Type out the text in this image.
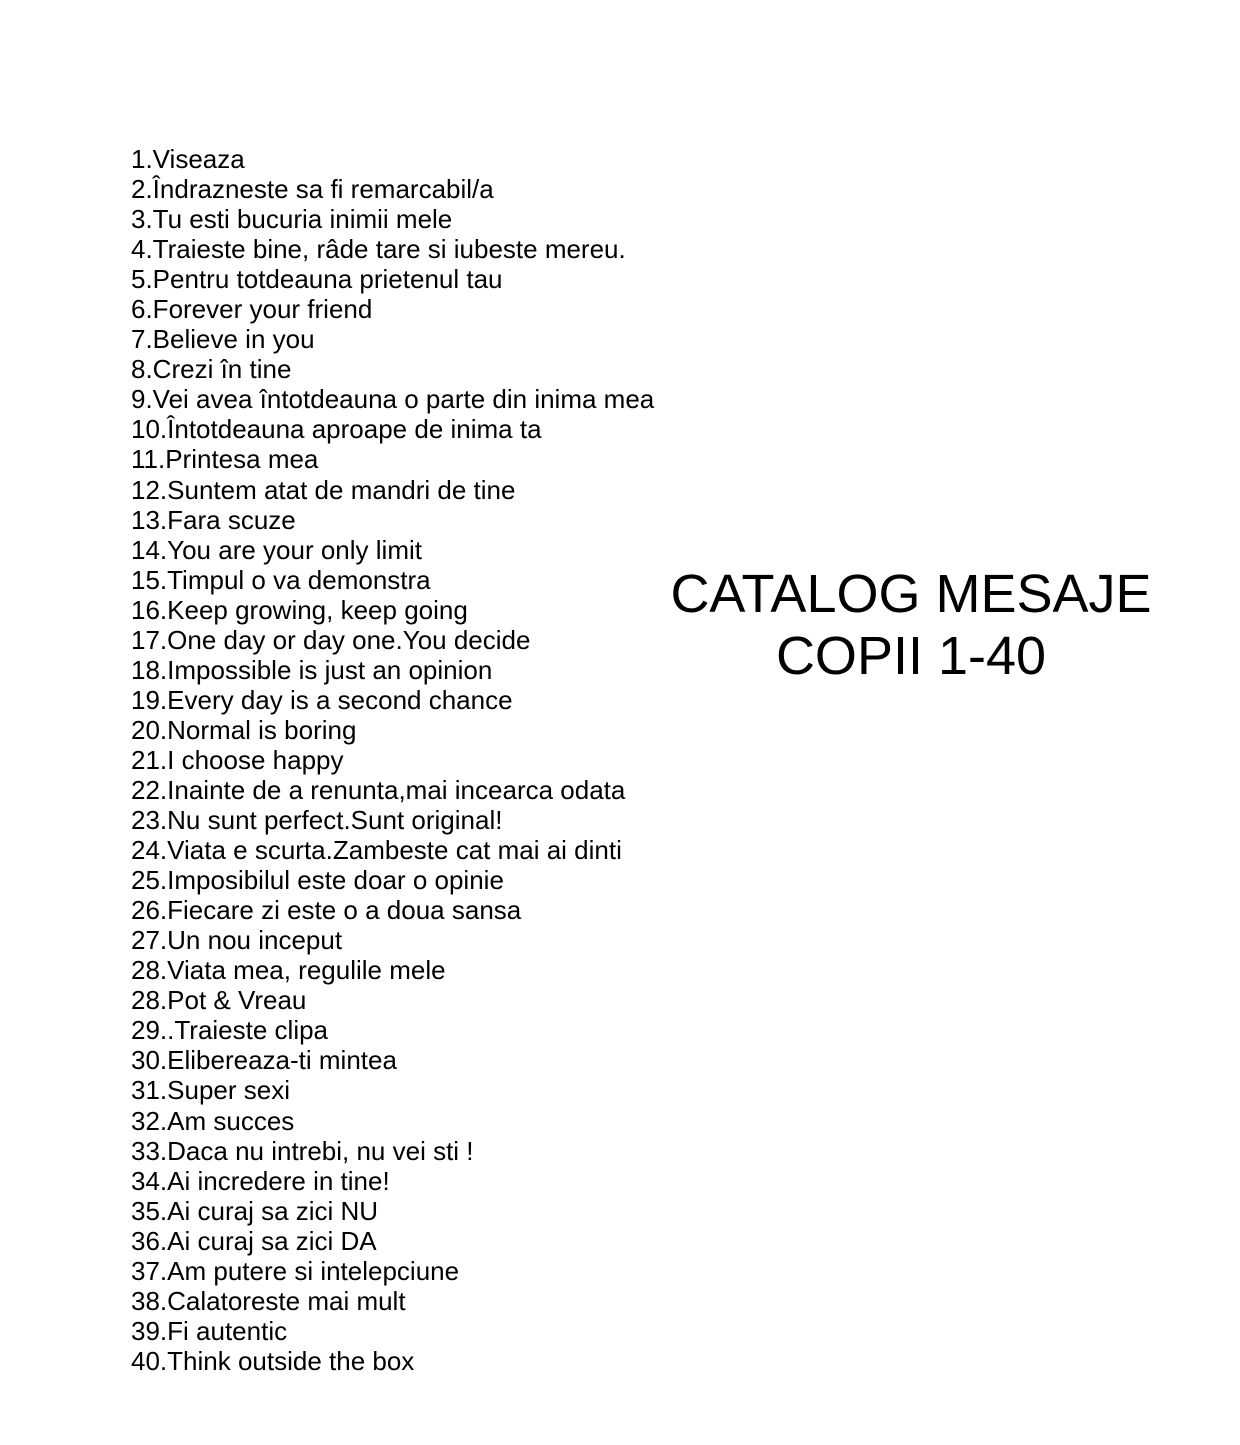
1.Viseaza
2.Îndrazneste sa fi remarcabil/a
3.Tu esti bucuria inimii mele
4.Traieste bine, râde tare si iubeste mereu.
5.Pentru totdeauna prietenul tau
6.Forever your friend
7.Believe in you
8.Crezi în tine
9.Vei avea întotdeauna o parte din inima mea
10.Întotdeauna aproape de inima ta
11.Printesa mea
12.Suntem atat de mandri de tine
13.Fara scuze
14.You are your only limit
15.Timpul o va demonstra
16.Keep growing, keep going
17.One day or day one.You decide
18.Impossible is just an opinion
19.Every day is a second chance
20.Normal is boring
21.I choose happy
22.Inainte de a renunta,mai incearca odata
23.Nu sunt perfect.Sunt original!
24.Viata e scurta.Zambeste cat mai ai dinti
25.Imposibilul este doar o opinie
26.Fiecare zi este o a doua sansa
27.Un nou inceput
28.Viata mea, regulile mele
28.Pot & Vreau
29..Traieste clipa
30.Elibereaza-ti mintea
31.Super sexi
32.Am succes
33.Daca nu intrebi, nu vei sti !
34.Ai incredere in tine!
35.Ai curaj sa zici NU
36.Ai curaj sa zici DA
37.Am putere si intelepciune
38.Calatoreste mai mult
39.Fi autentic
40.Think outside the box
CATALOG MESAJE
COPII 1-40
